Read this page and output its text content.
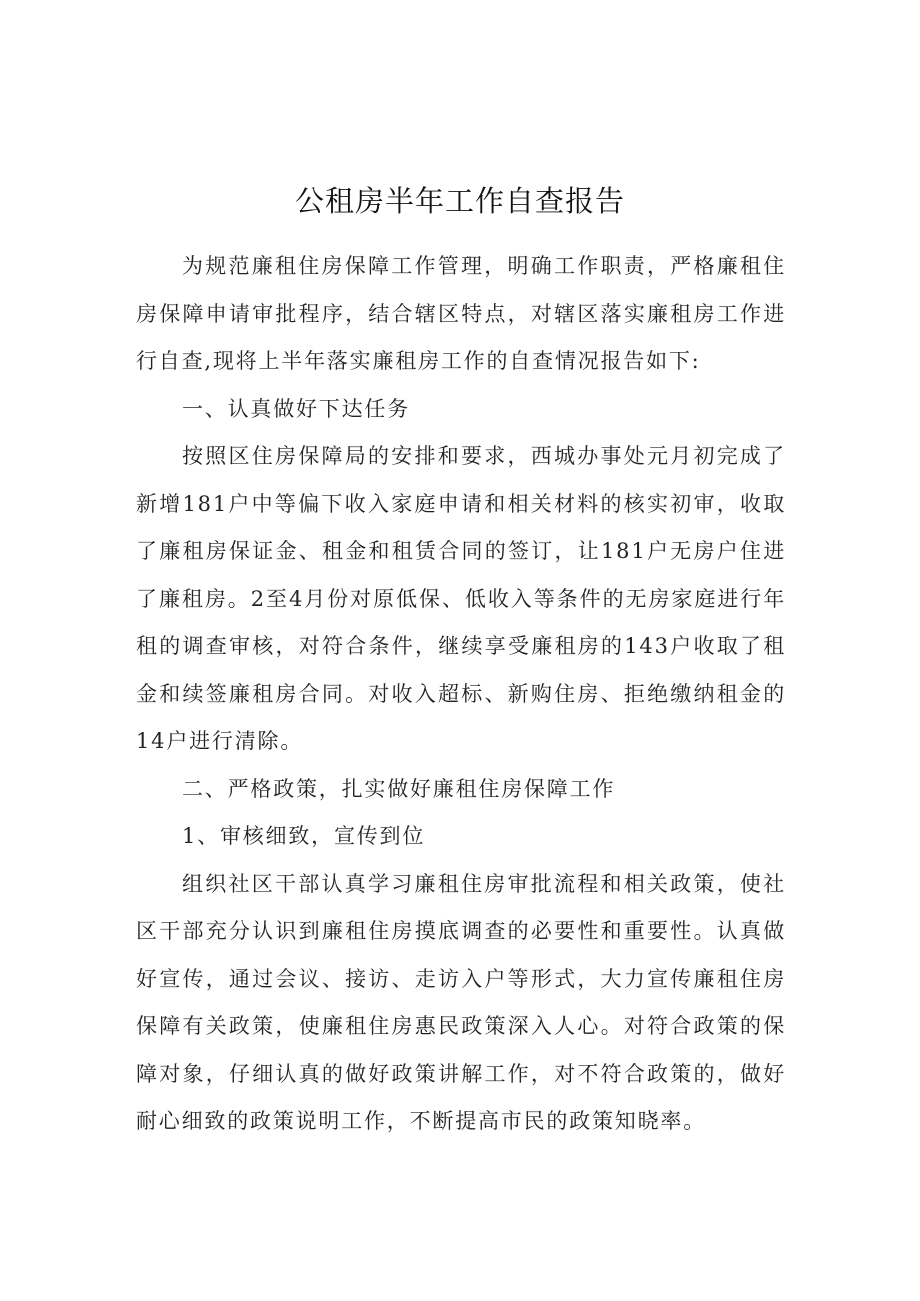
公租房半年工作自查报告

为规范廉租住房保障工作管理，明确工作职责，严格廉租住房保障申请审批程序，结合辖区特点，对辖区落实廉租房工作进行自查,现将上半年落实廉租房工作的自查情况报告如下:

一、认真做好下达任务

按照区住房保障局的安排和要求，西城办事处元月初完成了新增181户中等偏下收入家庭申请和相关材料的核实初审，收取了廉租房保证金、租金和租赁合同的签订，让181户无房户住进了廉租房。2至4月份对原低保、低收入等条件的无房家庭进行年租的调查审核，对符合条件，继续享受廉租房的143户收取了租金和续签廉租房合同。对收入超标、新购住房、拒绝缴纳租金的14户进行清除。

二、严格政策，扎实做好廉租住房保障工作

1、审核细致，宣传到位

组织社区干部认真学习廉租住房审批流程和相关政策，使社区干部充分认识到廉租住房摸底调查的必要性和重要性。认真做好宣传，通过会议、接访、走访入户等形式，大力宣传廉租住房保障有关政策，使廉租住房惠民政策深入人心。对符合政策的保障对象，仔细认真的做好政策讲解工作，对不符合政策的，做好耐心细致的政策说明工作，不断提高市民的政策知晓率。
